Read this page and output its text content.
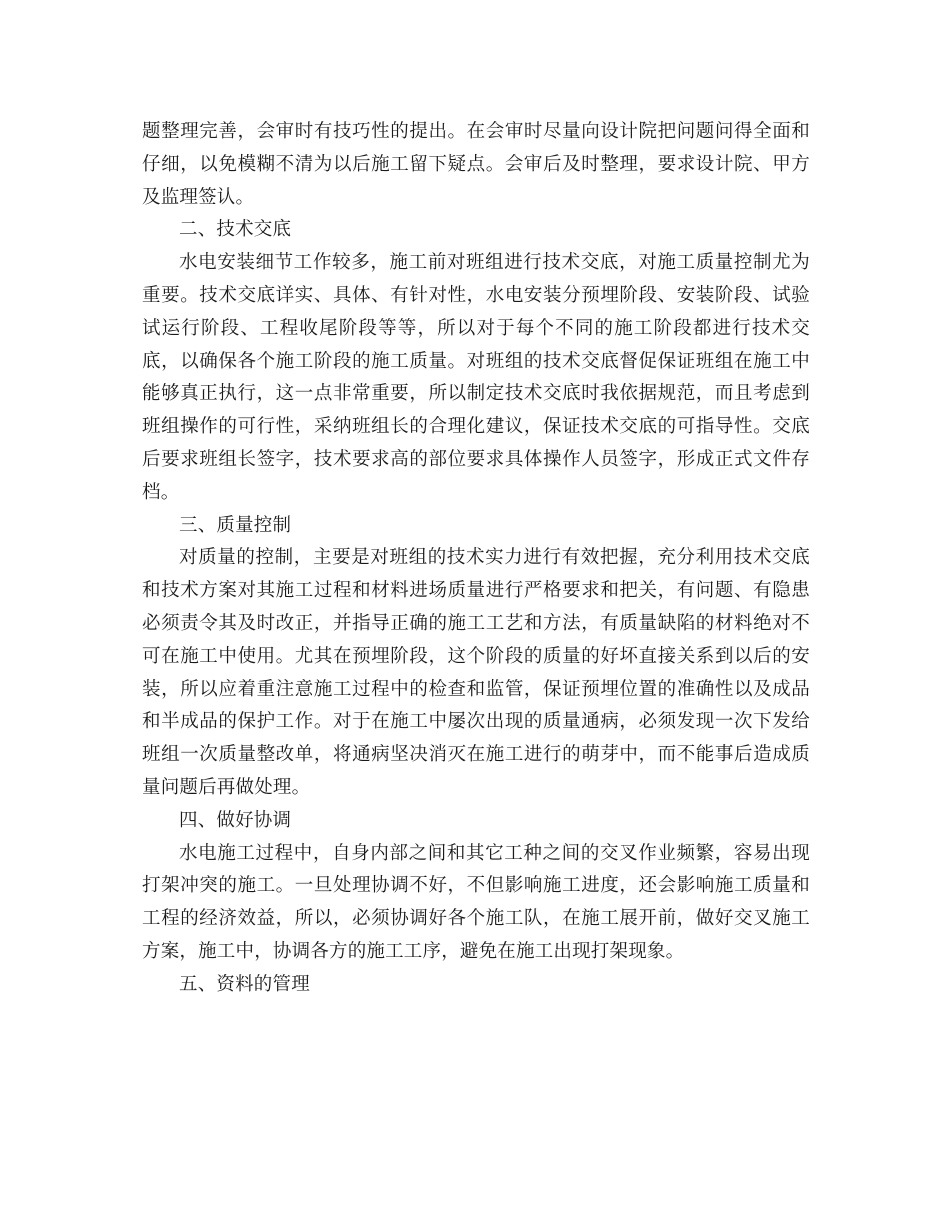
题整理完善，会审时有技巧性的提出。在会审时尽量向设计院把问题问得全面和仔细，以免模糊不清为以后施工留下疑点。会审后及时整理，要求设计院、甲方及监理签认。

二、技术交底

水电安装细节工作较多，施工前对班组进行技术交底，对施工质量控制尤为重要。技术交底详实、具体、有针对性，水电安装分预埋阶段、安装阶段、试验试运行阶段、工程收尾阶段等等，所以对于每个不同的施工阶段都进行技术交底，以确保各个施工阶段的施工质量。对班组的技术交底督促保证班组在施工中能够真正执行，这一点非常重要，所以制定技术交底时我依据规范，而且考虑到班组操作的可行性，采纳班组长的合理化建议，保证技术交底的可指导性。交底后要求班组长签字，技术要求高的部位要求具体操作人员签字，形成正式文件存档。

三、质量控制

对质量的控制，主要是对班组的技术实力进行有效把握，充分利用技术交底和技术方案对其施工过程和材料进场质量进行严格要求和把关，有问题、有隐患必须责令其及时改正，并指导正确的施工工艺和方法，有质量缺陷的材料绝对不可在施工中使用。尤其在预埋阶段，这个阶段的质量的好坏直接关系到以后的安装，所以应着重注意施工过程中的检查和监管，保证预埋位置的准确性以及成品和半成品的保护工作。对于在施工中屡次出现的质量通病，必须发现一次下发给班组一次质量整改单，将通病坚决消灭在施工进行的萌芽中，而不能事后造成质量问题后再做处理。

四、做好协调

水电施工过程中，自身内部之间和其它工种之间的交叉作业频繁，容易出现打架冲突的施工。一旦处理协调不好，不但影响施工进度，还会影响施工质量和工程的经济效益，所以，必须协调好各个施工队，在施工展开前，做好交叉施工方案，施工中，协调各方的施工工序，避免在施工出现打架现象。

五、资料的管理
